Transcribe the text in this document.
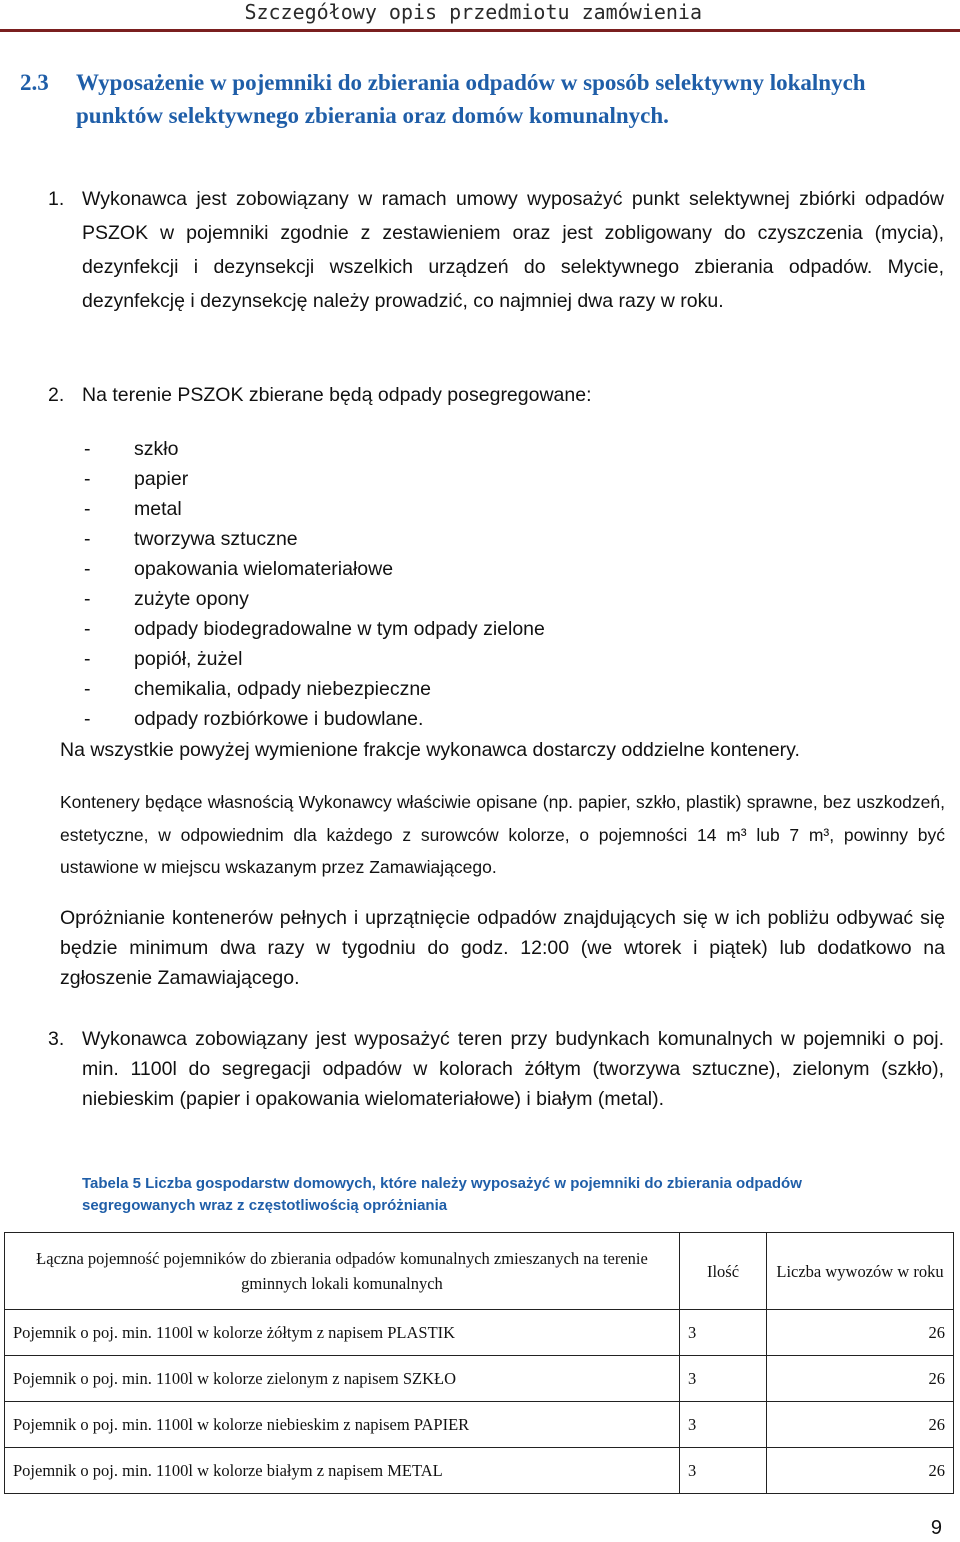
Szczegółowy opis przedmiotu zamówienia
2.3 Wyposażenie w pojemniki do zbierania odpadów w sposób selektywny lokalnych punktów selektywnego zbierania oraz domów komunalnych.
1. Wykonawca jest zobowiązany w ramach umowy wyposażyć punkt selektywnej zbiórki odpadów PSZOK w pojemniki zgodnie z zestawieniem oraz jest zobligowany do czyszczenia (mycia), dezynfekcji i dezynsekcji wszelkich urządzeń do selektywnego zbierania odpadów. Mycie, dezynfekcję i dezynsekcję należy prowadzić, co najmniej dwa razy w roku.
2. Na terenie PSZOK zbierane będą odpady posegregowane:
- szkło
- papier
- metal
- tworzywa sztuczne
- opakowania wielomateriałowe
- zużyte opony
- odpady biodegradowalne w tym odpady zielone
- popiół, żużel
- chemikalia, odpady niebezpieczne
- odpady rozbiórkowe i budowlane.
Na wszystkie powyżej wymienione frakcje wykonawca dostarczy oddzielne kontenery.
Kontenery będące własnością Wykonawcy właściwie opisane (np. papier, szkło, plastik) sprawne, bez uszkodzeń, estetyczne, w odpowiednim dla każdego z surowców kolorze, o pojemności 14 m³ lub 7 m³, powinny być ustawione w miejscu wskazanym przez Zamawiającego.
Opróżnianie kontenerów pełnych i uprzątnięcie odpadów znajdujących się w ich pobliżu odbywać się będzie minimum dwa razy w tygodniu do godz. 12:00 (we wtorek i piątek) lub dodatkowo na zgłoszenie Zamawiającego.
3. Wykonawca zobowiązany jest wyposażyć teren przy budynkach komunalnych w pojemniki o poj. min. 1100l do segregacji odpadów w kolorach żółtym (tworzywa sztuczne), zielonym (szkło), niebieskim (papier i opakowania wielomateriałowe) i białym (metal).
Tabela 5 Liczba gospodarstw domowych, które należy wyposażyć w pojemniki do zbierania odpadów segregowanych wraz z częstotliwością opróżniania
Łączna pojemność pojemników do zbierania odpadów komunalnych zmieszanych na terenie gminnych lokali komunalnych	Ilość	Liczba wywozów w roku
Pojemnik o poj. min. 1100l w kolorze żółtym z napisem PLASTIK	3	26
Pojemnik o poj. min. 1100l w kolorze zielonym z napisem SZKŁO	3	26
Pojemnik o poj. min. 1100l w kolorze niebieskim z napisem PAPIER	3	26
Pojemnik o poj. min. 1100l w kolorze białym z napisem METAL	3	26
9
